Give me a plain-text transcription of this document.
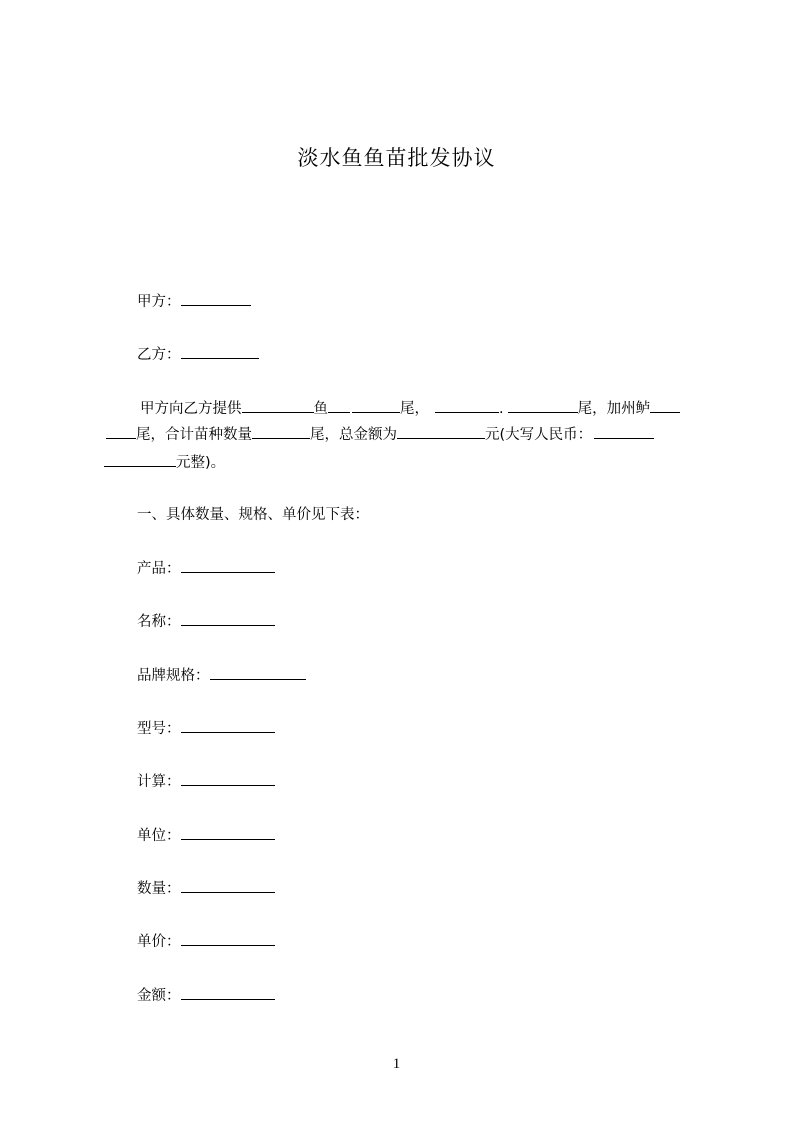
淡水鱼鱼苗批发协议
甲方：
乙方：
甲方向乙方提供	鱼	尾，	.	尾，加州鲈
尾，合计苗种数量	尾，总金额为	元(大写人民币：
元整)。
一、具体数量、规格、单价见下表：
产品：
名称：
品牌规格：
型号：
计算：
单位：
数量：
单价：
金额：
1
